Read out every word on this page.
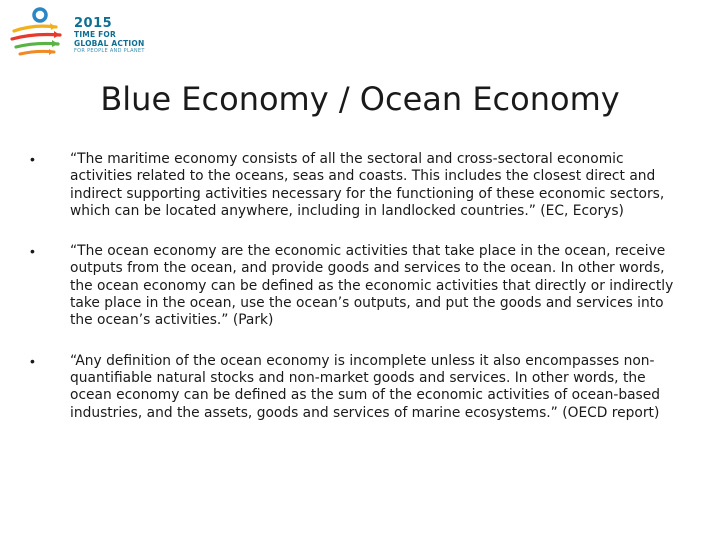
2015
TIME FOR
GLOBAL ACTION
FOR PEOPLE AND PLANET
Blue Economy / Ocean Economy
•	“The maritime economy consists of all the sectoral and cross-sectoral economic activities related to the oceans, seas and coasts. This includes the closest direct and indirect supporting activities necessary for the functioning of these economic sectors, which can be located anywhere, including in landlocked countries.” (EC, Ecorys)
•	“The ocean economy are the economic activities that take place in the ocean, receive outputs from the ocean, and provide goods and services to the ocean. In other words, the ocean economy can be defined as the economic activities that directly or indirectly take place in the ocean, use the ocean’s outputs, and put the goods and services into the ocean’s activities.” (Park)
•	“Any definition of the ocean economy is incomplete unless it also encompasses non-quantifiable natural stocks and non-market goods and services. In other words, the ocean economy can be defined as the sum of the economic activities of ocean-based industries, and the assets, goods and services of marine ecosystems.” (OECD report)
